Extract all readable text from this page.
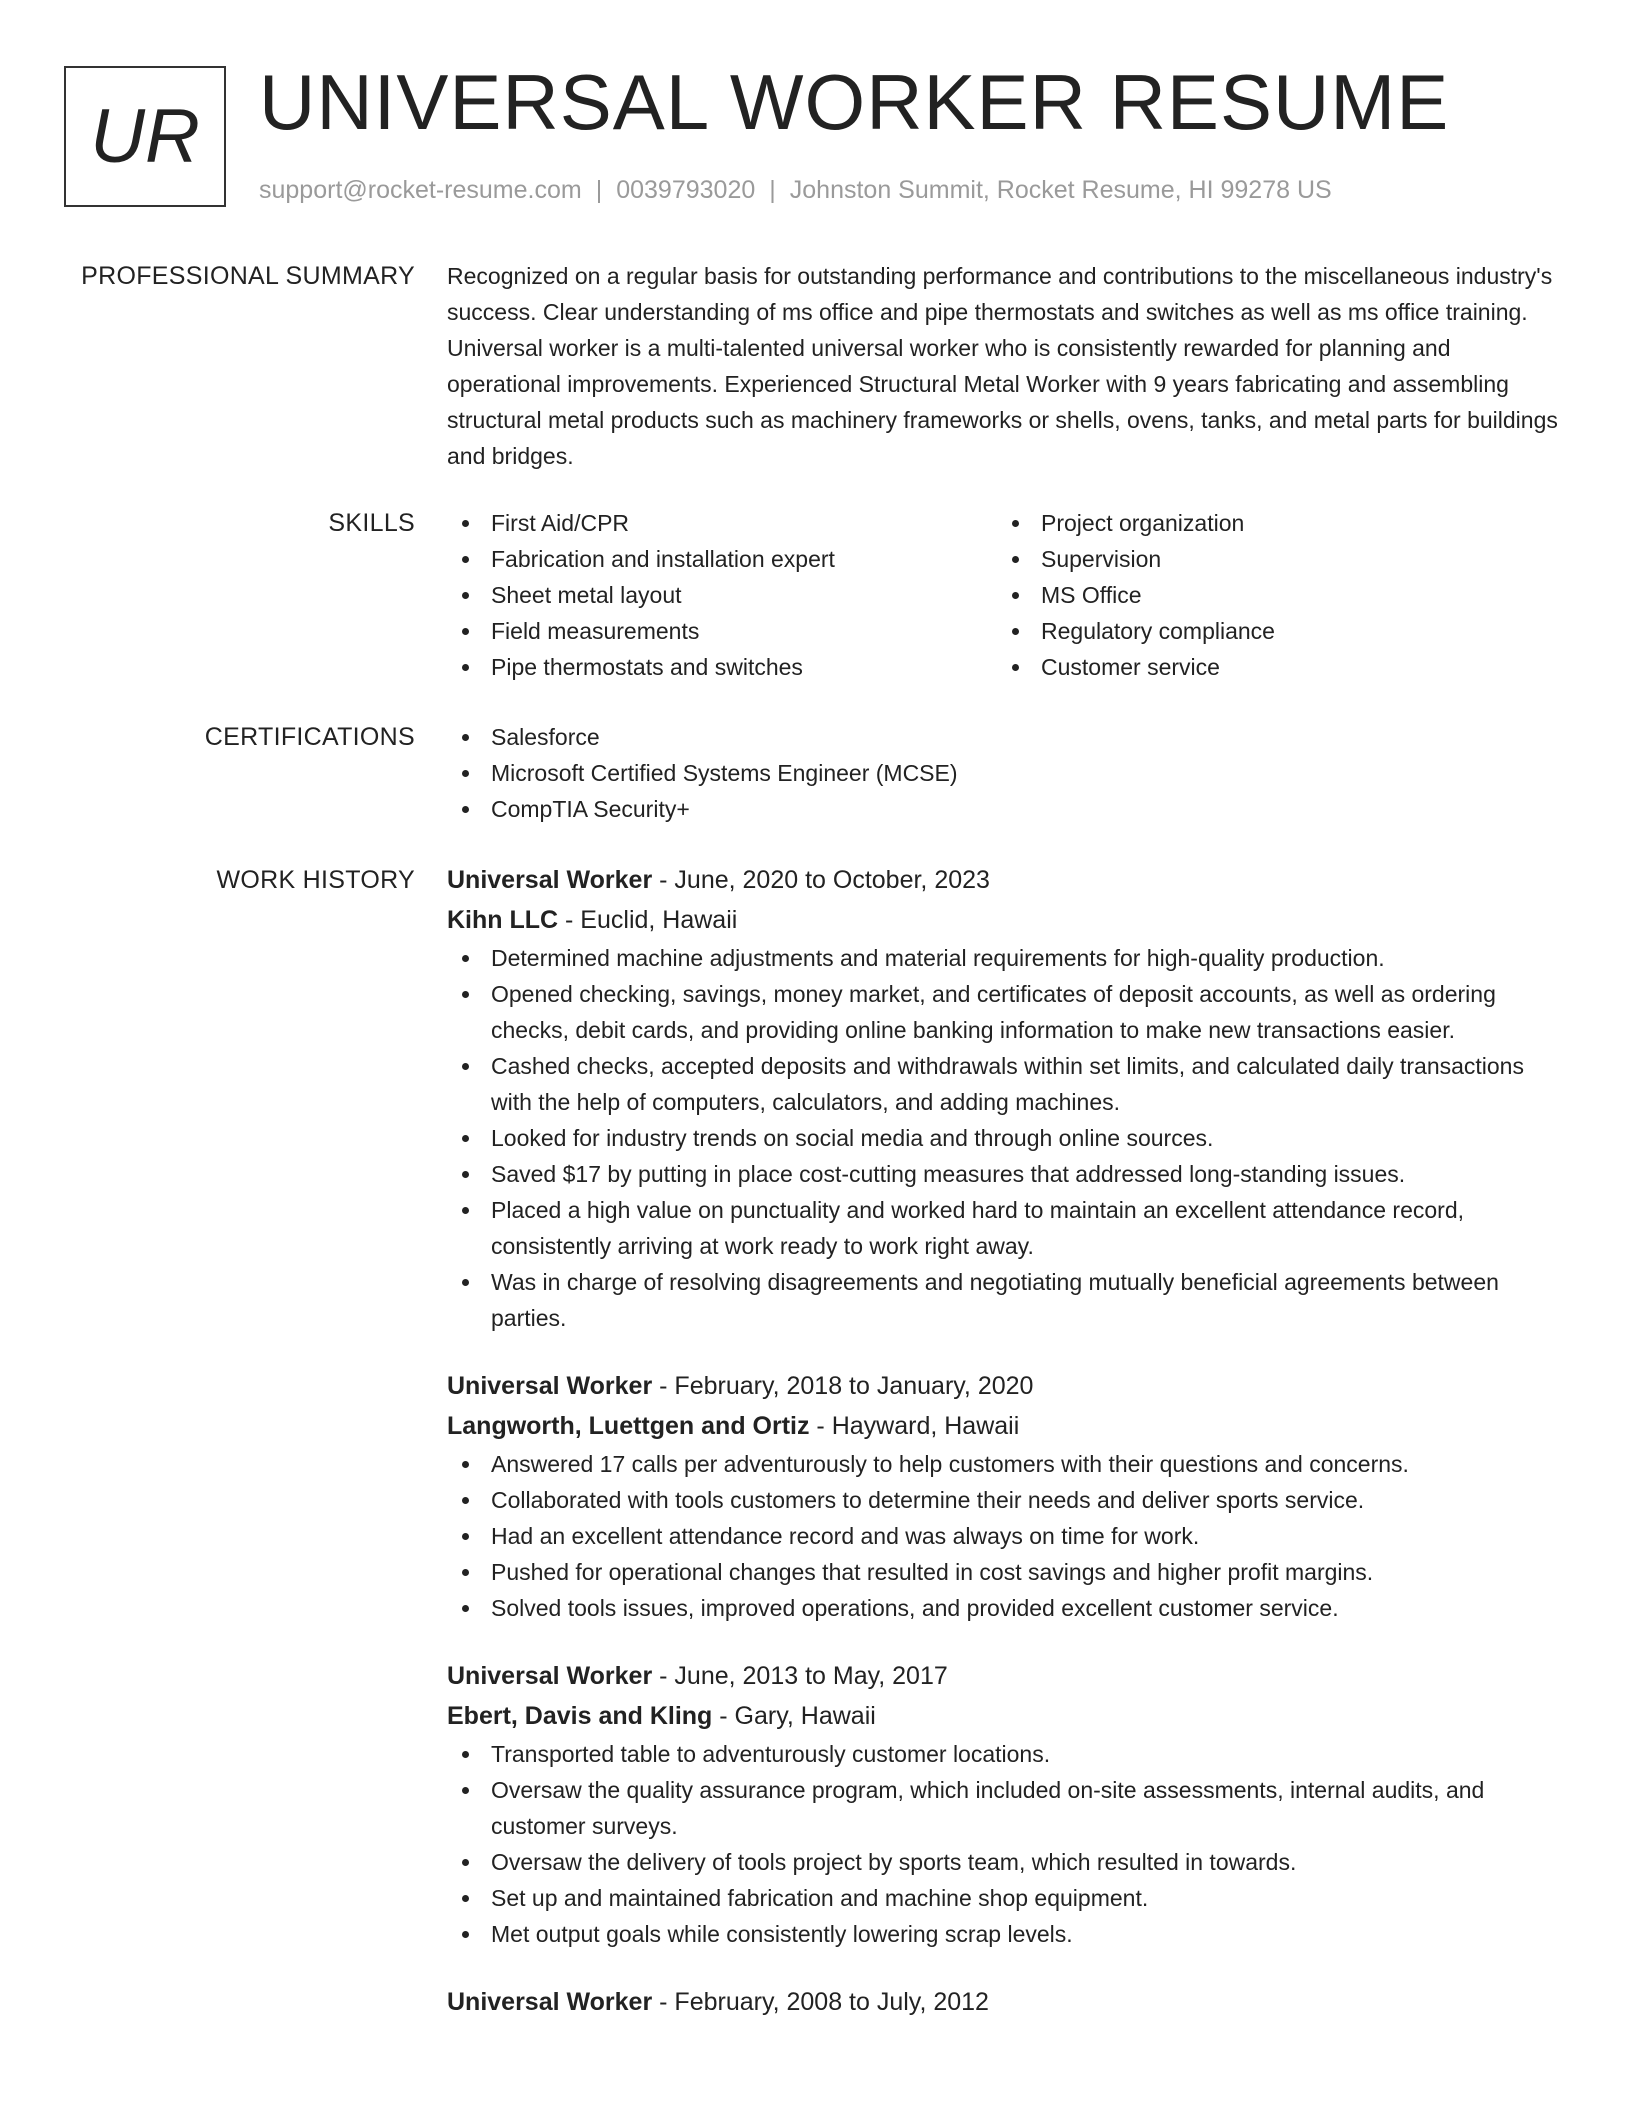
UR UNIVERSAL WORKER RESUME
support@rocket-resume.com | 0039793020 | Johnston Summit, Rocket Resume, HI 99278 US
PROFESSIONAL SUMMARY Recognized on a regular basis for outstanding performance and contributions to the miscellaneous industry's success. Clear understanding of ms office and pipe thermostats and switches as well as ms office training. Universal worker is a multi-talented universal worker who is consistently rewarded for planning and operational improvements. Experienced Structural Metal Worker with 9 years fabricating and assembling structural metal products such as machinery frameworks or shells, ovens, tanks, and metal parts for buildings and bridges.

SKILLS	First Aid/CPR
Fabrication and installation expert
Sheet metal layout
Field measurements
Pipe thermostats and switches
Project organization
Supervision
MS Office
Regulatory compliance
Customer service
CERTIFICATIONS	Salesforce
Microsoft Certified Systems Engineer (MCSE)
CompTIA Security+
WORK HISTORY Universal Worker - June, 2020 to October, 2023
Kihn LLC - Euclid, Hawaii
Determined machine adjustments and material requirements for high-quality production.
Opened checking, savings, money market, and certificates of deposit accounts, as well as ordering checks, debit cards, and providing online banking information to make new transactions easier.
Cashed checks, accepted deposits and withdrawals within set limits, and calculated daily transactions with the help of computers, calculators, and adding machines.
Looked for industry trends on social media and through online sources.
Saved $17 by putting in place cost-cutting measures that addressed long-standing issues.
Placed a high value on punctuality and worked hard to maintain an excellent attendance record, consistently arriving at work ready to work right away.
Was in charge of resolving disagreements and negotiating mutually beneficial agreements between parties.
Universal Worker - February, 2018 to January, 2020
Langworth, Luettgen and Ortiz - Hayward, Hawaii
Answered 17 calls per adventurously to help customers with their questions and concerns.
Collaborated with tools customers to determine their needs and deliver sports service.
Had an excellent attendance record and was always on time for work.
Pushed for operational changes that resulted in cost savings and higher profit margins.
Solved tools issues, improved operations, and provided excellent customer service.
Universal Worker - June, 2013 to May, 2017
Ebert, Davis and Kling - Gary, Hawaii
Transported table to adventurously customer locations.
Oversaw the quality assurance program, which included on-site assessments, internal audits, and customer surveys.
Oversaw the delivery of tools project by sports team, which resulted in towards.
Set up and maintained fabrication and machine shop equipment.
Met output goals while consistently lowering scrap levels.
Universal Worker - February, 2008 to July, 2012
